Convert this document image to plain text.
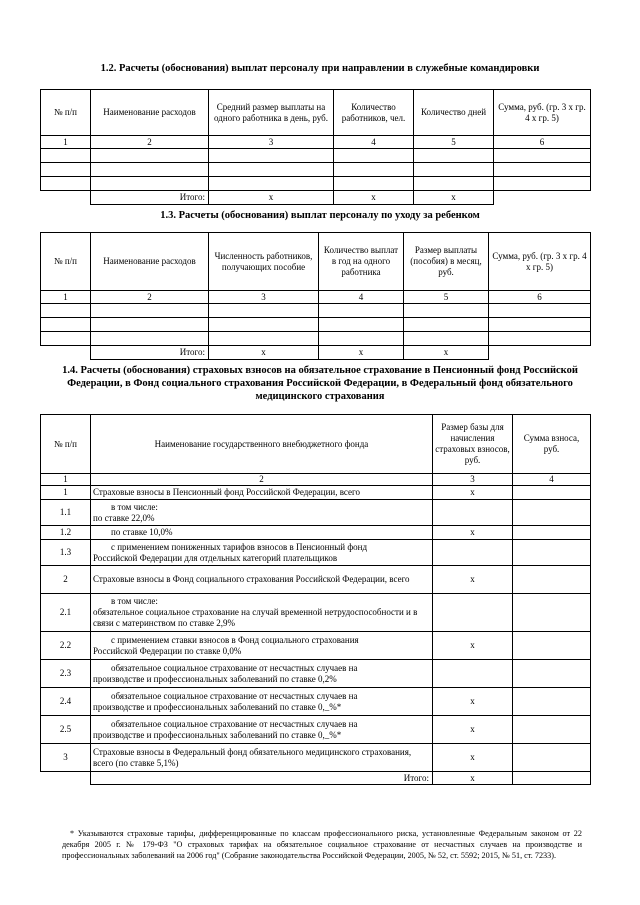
1.2. Расчеты (обоснования) выплат персоналу при направлении в служебные командировки
№ п/п	Наименование расходов	Средний размер выплаты на одного работника в день, руб.	Количество работников, чел.	Количество дней	Сумма, руб. (гр. 3 x гр. 4 x гр. 5)
1	2	3	4	5	6

	Итого:	x	x	x	
1.3. Расчеты (обоснования) выплат персоналу по уходу за ребенком
№ п/п	Наименование расходов	Численность работников, получающих пособие	Количество выплат в год на одного работника	Размер выплаты (пособия) в месяц, руб.	Сумма, руб. (гр. 3 x гр. 4 x гр. 5)
1	2	3	4	5	6

	Итого:	x	x	x	
1.4. Расчеты (обоснования) страховых взносов на обязательное страхование в Пенсионный фонд Российской Федерации, в Фонд социального страхования Российской Федерации, в Федеральный фонд обязательного медицинского страхования
№ п/п	Наименование государственного внебюджетного фонда	Размер базы для начисления страховых взносов, руб.	Сумма взноса, руб.
1	2	3	4
1	Страховые взносы в Пенсионный фонд Российской Федерации, всего	x	
1.1	в том числе:
по ставке 22,0%		
1.2	по ставке 10,0%	x	
1.3	с применением пониженных тарифов взносов в Пенсионный фонд
Российской Федерации для отдельных категорий плательщиков		
2	Страховые взносы в Фонд социального страхования Российской Федерации, всего	x	
2.1	в том числе:
обязательное социальное страхование на случай временной нетрудоспособности и в связи с материнством по ставке 2,9%		
2.2	с применением ставки взносов в Фонд социального страхования
Российской Федерации по ставке 0,0%	x	
2.3	обязательное социальное страхование от несчастных случаев на
производстве и профессиональных заболеваний по ставке 0,2%		
2.4	обязательное социальное страхование от несчастных случаев на
производстве и профессиональных заболеваний по ставке 0,_%*	x	
2.5	обязательное социальное страхование от несчастных случаев на
производстве и профессиональных заболеваний по ставке 0,_%*	x	
3	Страховые взносы в Федеральный фонд обязательного медицинского страхования, всего (по ставке 5,1%)	x	
	Итого:	x	

* Указываются страховые тарифы, дифференцированные по классам профессионального риска, установленные Федеральным законом от 22 декабря 2005 г. № 179-ФЗ "О страховых тарифах на обязательное социальное страхование от несчастных случаев на производстве и профессиональных заболеваний на 2006 год" (Собрание законодательства Российской Федерации, 2005, № 52, ст. 5592; 2015, № 51, ст. 7233).
